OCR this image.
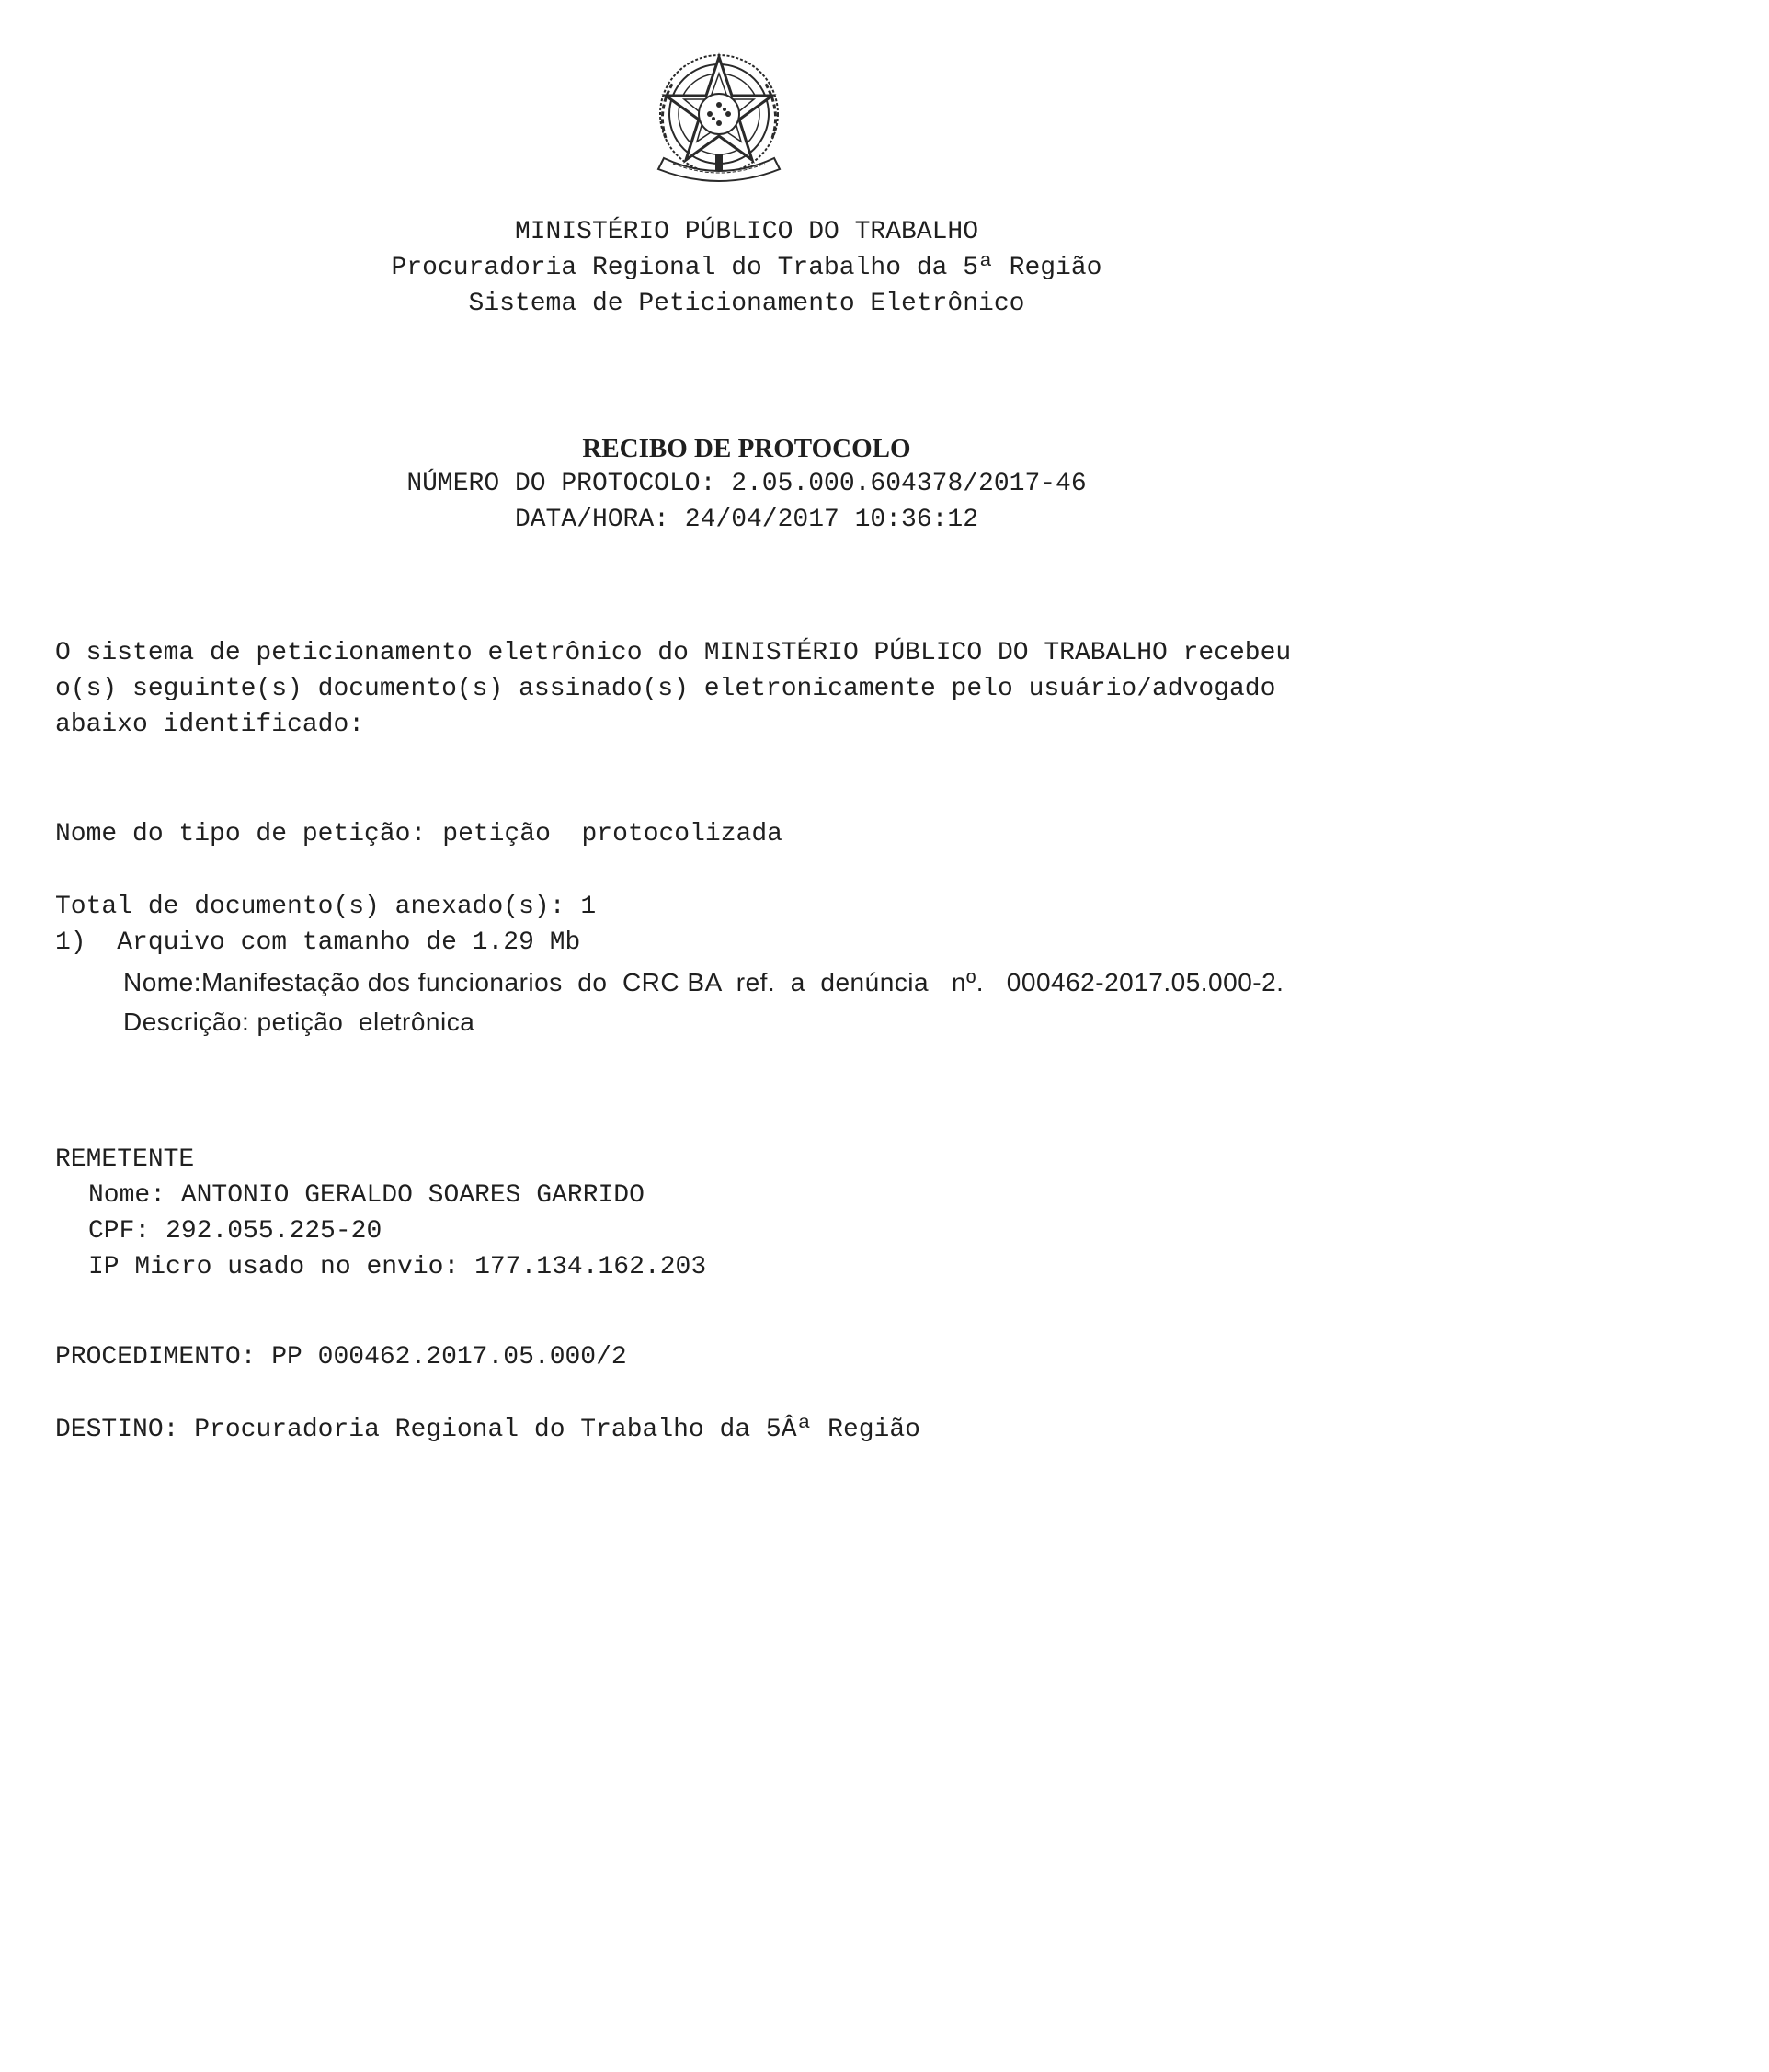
MINISTÉRIO PÚBLICO DO TRABALHO

Procuradoria Regional do Trabalho da 5ª Região

Sistema de Peticionamento Eletrônico

RECIBO DE PROTOCOLO

NÚMERO DO PROTOCOLO: 2.05.000.604378/2017-46

DATA/HORA: 24/04/2017 10:36:12

O sistema de peticionamento eletrônico do MINISTÉRIO PÚBLICO DO TRABALHO recebeu

o(s) seguinte(s) documento(s) assinado(s) eletronicamente pelo usuário/advogado

abaixo identificado:

Nome do tipo de petição: petição  protocolizada

Total de documento(s) anexado(s): 1

1) Arquivo com tamanho de 1.29 Mb

Nome:Manifestação dos funcionarios  do  CRC BA  ref.  a  denúncia   nº.   000462-2017.05.000-2.

Descrição: petição  eletrônica

REMETENTE

Nome: ANTONIO GERALDO SOARES GARRIDO

CPF: 292.055.225-20

IP Micro usado no envio: 177.134.162.203

PROCEDIMENTO: PP 000462.2017.05.000/2

DESTINO: Procuradoria Regional do Trabalho da 5Âª Região
